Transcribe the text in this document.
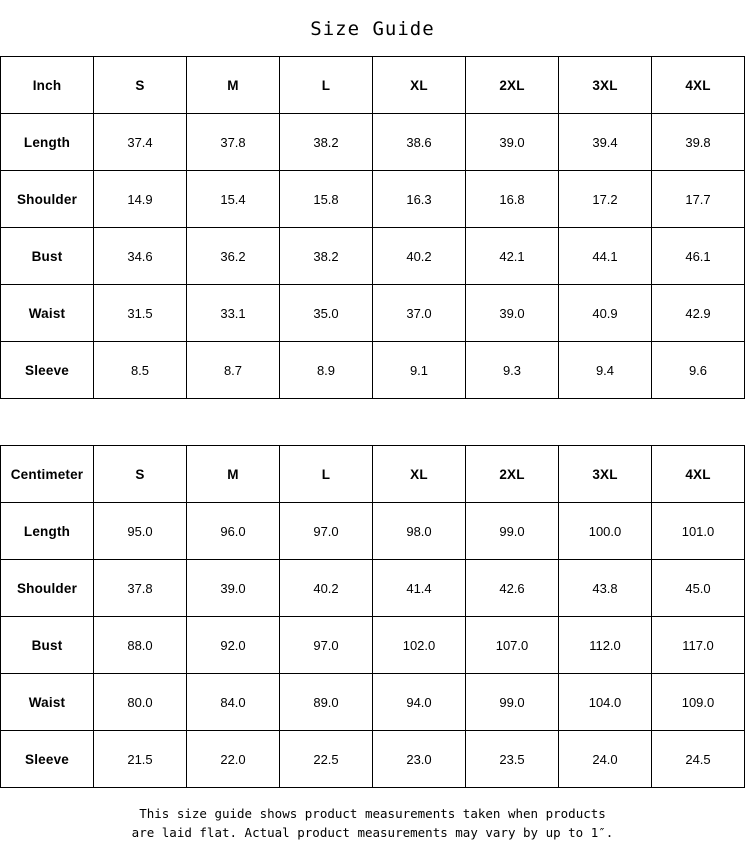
Size Guide
Inch	S	M	L	XL	2XL	3XL	4XL
Length	37.4	37.8	38.2	38.6	39.0	39.4	39.8
Shoulder	14.9	15.4	15.8	16.3	16.8	17.2	17.7
Bust	34.6	36.2	38.2	40.2	42.1	44.1	46.1
Waist	31.5	33.1	35.0	37.0	39.0	40.9	42.9
Sleeve	8.5	8.7	8.9	9.1	9.3	9.4	9.6
Centimeter	S	M	L	XL	2XL	3XL	4XL
Length	95.0	96.0	97.0	98.0	99.0	100.0	101.0
Shoulder	37.8	39.0	40.2	41.4	42.6	43.8	45.0
Bust	88.0	92.0	97.0	102.0	107.0	112.0	117.0
Waist	80.0	84.0	89.0	94.0	99.0	104.0	109.0
Sleeve	21.5	22.0	22.5	23.0	23.5	24.0	24.5
This size guide shows product measurements taken when products
are laid flat. Actual product measurements may vary by up to 1″.
